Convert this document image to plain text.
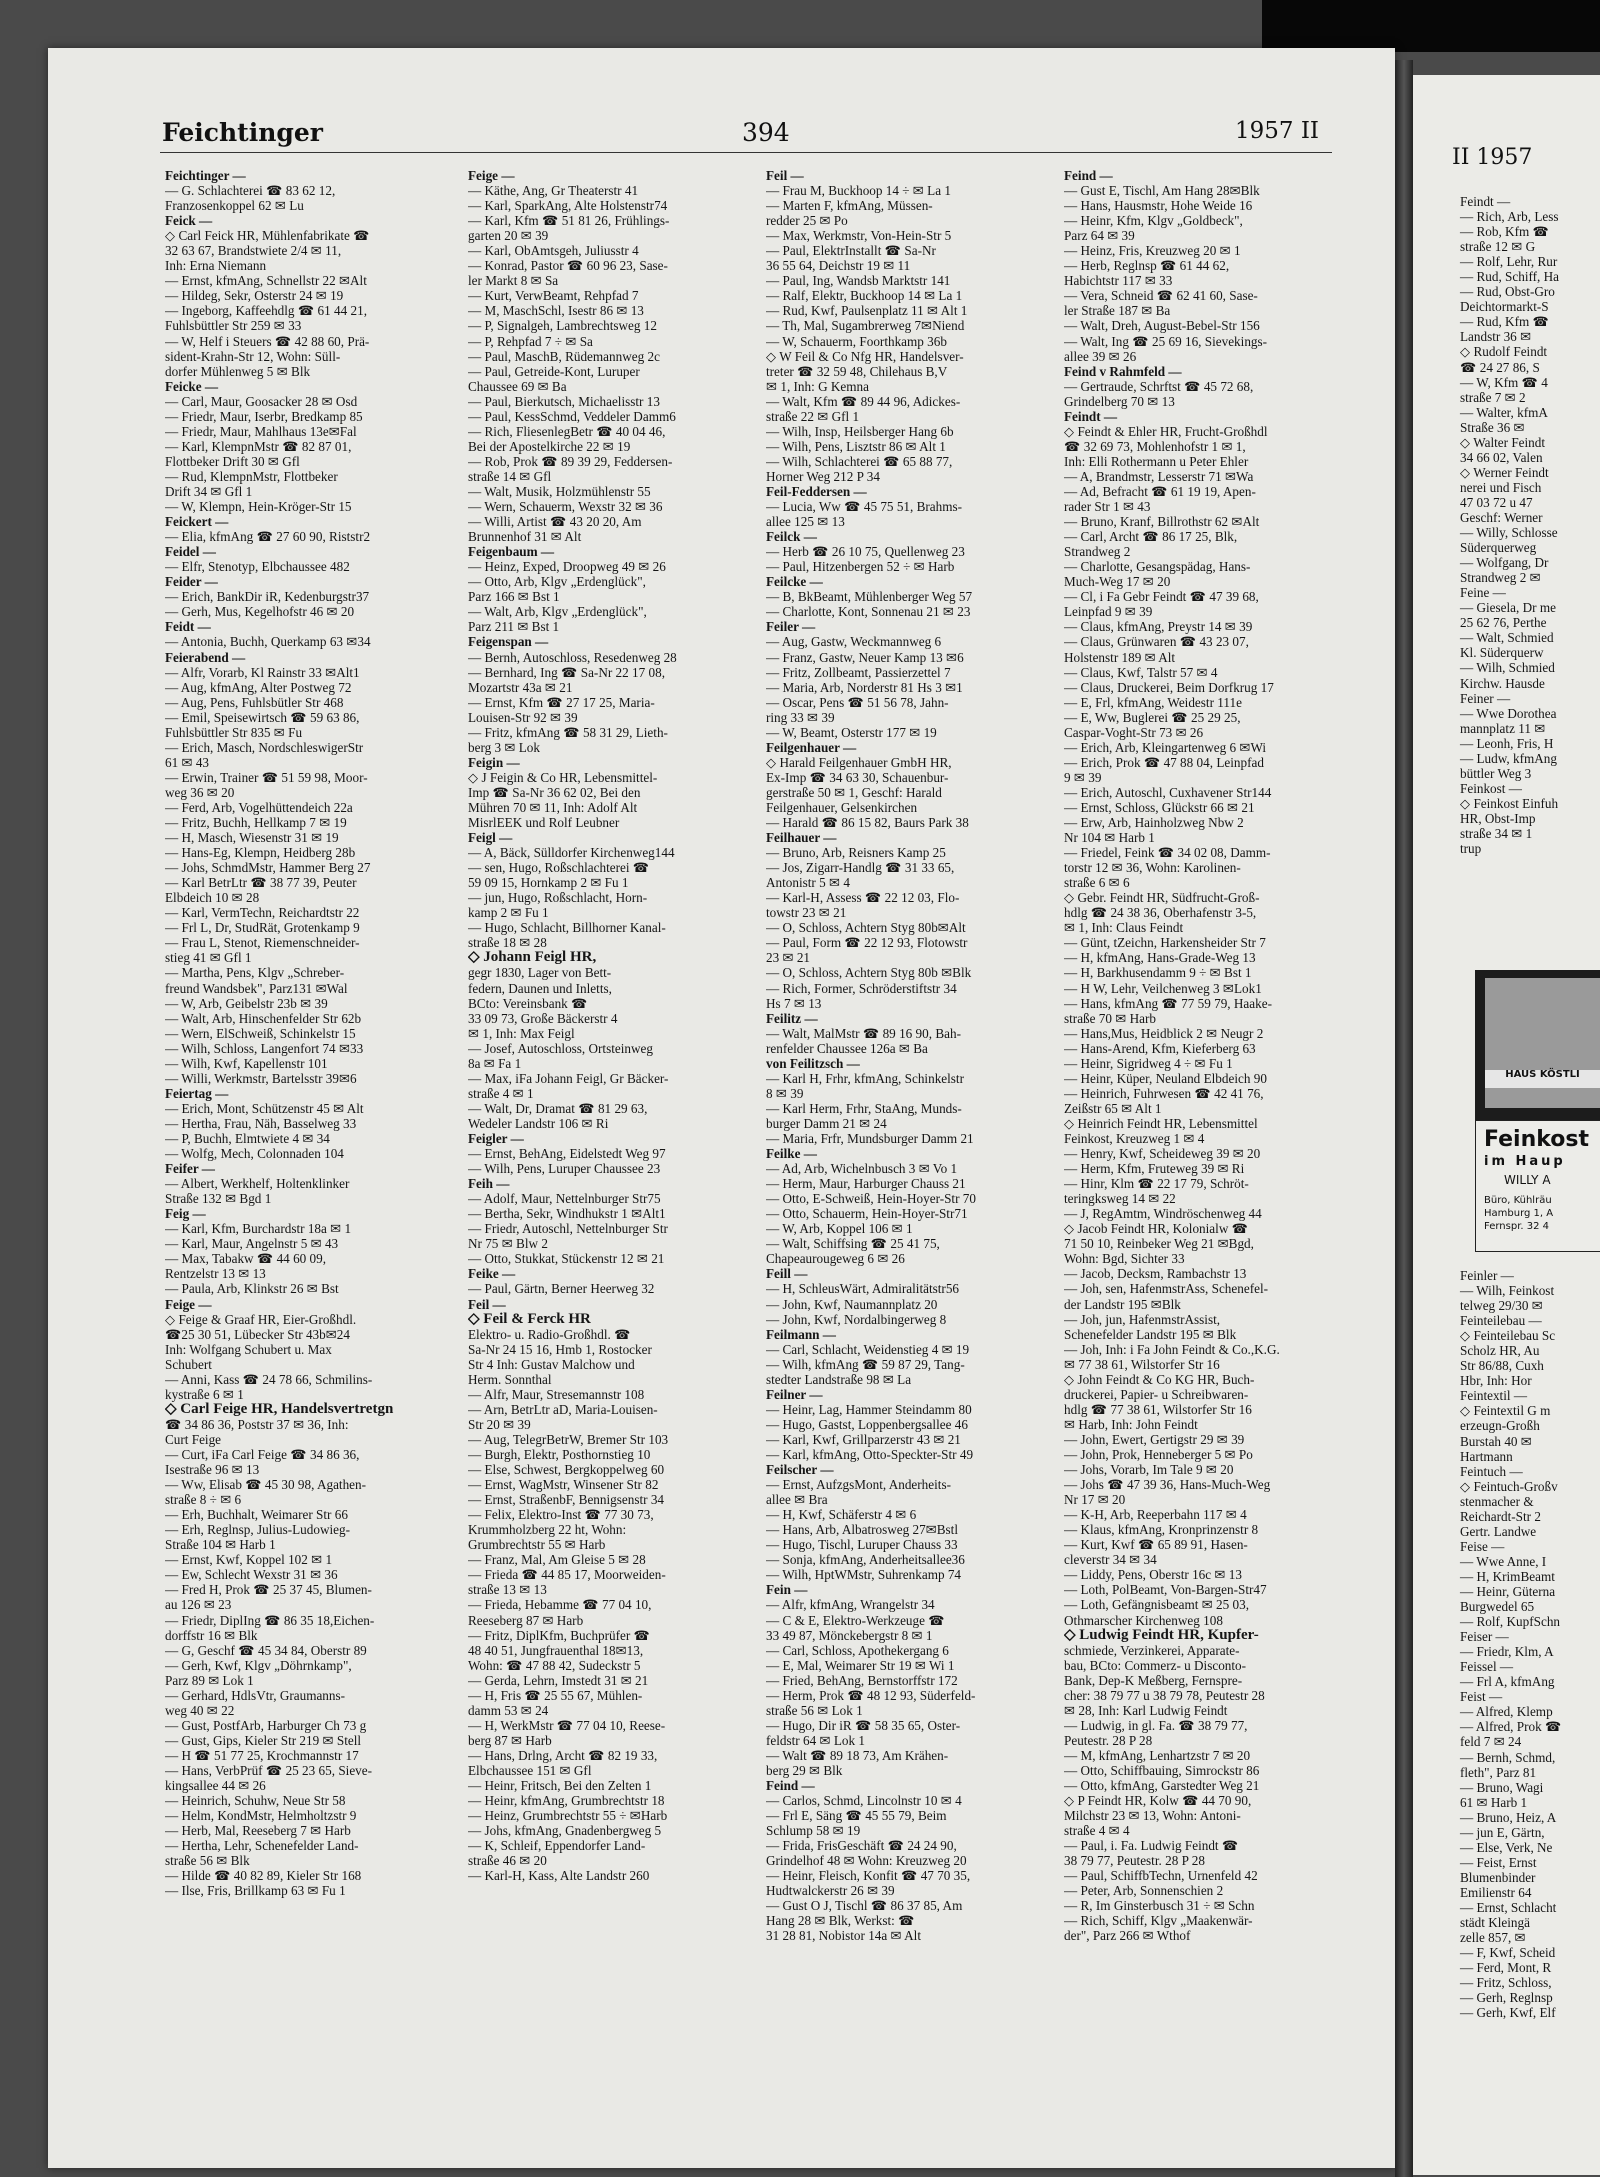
Feichtinger	394	1957 II
Feichtinger —
— G. Schlachterei ☎ 83 62 12,
Franzosenkoppel 62 ✉ Lu
Feick —
◇ Carl Feick HR, Mühlenfabrikate ☎
32 63 67, Brandstwiete 2/4 ✉ 11,
Inh: Erna Niemann
— Ernst, kfmAng, Schnellstr 22 ✉Alt
— Hildeg, Sekr, Osterstr 24 ✉ 19
— Ingeborg, Kaffeehdlg ☎ 61 44 21,
Fuhlsbüttler Str 259 ✉ 33
— W, Helf i Steuers ☎ 42 88 60, Prä-
sident-Krahn-Str 12, Wohn: Süll-
dorfer Mühlenweg 5 ✉ Blk
Feicke —
— Carl, Maur, Goosacker 28 ✉ Osd
— Friedr, Maur, Iserbr, Bredkamp 85
— Friedr, Maur, Mahlhaus 13e✉Fal
— Karl, KlempnMstr ☎ 82 87 01,
Flottbeker Drift 30 ✉ Gfl
— Rud, KlempnMstr, Flottbeker
Drift 34 ✉ Gfl 1
— W, Klempn, Hein-Kröger-Str 15
Feickert —
— Elia, kfmAng ☎ 27 60 90, Riststr2
Feidel —
— Elfr, Stenotyp, Elbchaussee 482
Feider —
— Erich, BankDir iR, Kedenburgstr37
— Gerh, Mus, Kegelhofstr 46 ✉ 20
Feidt —
— Antonia, Buchh, Querkamp 63 ✉34
Feierabend —
— Alfr, Vorarb, Kl Rainstr 33 ✉Alt1
— Aug, kfmAng, Alter Postweg 72
— Aug, Pens, Fuhlsbütler Str 468
— Emil, Speisewirtsch ☎ 59 63 86,
Fuhlsbüttler Str 835 ✉ Fu
— Erich, Masch, NordschleswigerStr
61 ✉ 43
— Erwin, Trainer ☎ 51 59 98, Moor-
weg 36 ✉ 20
— Ferd, Arb, Vogelhüttendeich 22a
— Fritz, Buchh, Hellkamp 7 ✉ 19
— H, Masch, Wiesenstr 31 ✉ 19
— Hans-Eg, Klempn, Heidberg 28b
— Johs, SchmdMstr, Hammer Berg 27
— Karl BetrLtr ☎ 38 77 39, Peuter
Elbdeich 10 ✉ 28
— Karl, VermTechn, Reichardtstr 22
— Frl L, Dr, StudRät, Grotenkamp 9
— Frau L, Stenot, Riemenschneider-
stieg 41 ✉ Gfl 1
— Martha, Pens, Klgv „Schreber-
freund Wandsbek", Parz131 ✉Wal
— W, Arb, Geibelstr 23b ✉ 39
— Walt, Arb, Hinschenfelder Str 62b
— Wern, ElSchweiß, Schinkelstr 15
— Wilh, Schloss, Langenfort 74 ✉33
— Wilh, Kwf, Kapellenstr 101
— Willi, Werkmstr, Bartelsstr 39✉6
Feiertag —
— Erich, Mont, Schützenstr 45 ✉ Alt
— Hertha, Frau, Näh, Basselweg 33
— P, Buchh, Elmtwiete 4 ✉ 34
— Wolfg, Mech, Colonnaden 104
Feifer —
— Albert, Werkhelf, Holtenklinker
Straße 132 ✉ Bgd 1
Feig —
— Karl, Kfm, Burchardstr 18a ✉ 1
— Karl, Maur, Angelnstr 5 ✉ 43
— Max, Tabakw ☎ 44 60 09,
Rentzelstr 13 ✉ 13
— Paula, Arb, Klinkstr 26 ✉ Bst
Feige —
◇ Feige & Graaf HR, Eier-Großhdl.
☎25 30 51, Lübecker Str 43b✉24
Inh: Wolfgang Schubert u. Max
Schubert
— Anni, Kass ☎ 24 78 66, Schmilins-
kystraße 6 ✉ 1
◇ Carl Feige HR, Handelsvertretgn
☎ 34 86 36, Poststr 37 ✉ 36, Inh:
Curt Feige
— Curt, iFa Carl Feige ☎ 34 86 36,
Isestraße 96 ✉ 13
— Ww, Elisab ☎ 45 30 98, Agathen-
straße 8 ÷ ✉ 6
— Erh, Buchhalt, Weimarer Str 66
— Erh, Reglnsp, Julius-Ludowieg-
Straße 104 ✉ Harb 1
— Ernst, Kwf, Koppel 102 ✉ 1
— Ew, Schlecht Wexstr 31 ✉ 36
— Fred H, Prok ☎ 25 37 45, Blumen-
au 126 ✉ 23
— Friedr, DiplIng ☎ 86 35 18,Eichen-
dorffstr 16 ✉ Blk
— G, Geschf ☎ 45 34 84, Oberstr 89
— Gerh, Kwf, Klgv „Döhrnkamp",
Parz 89 ✉ Lok 1
— Gerhard, HdlsVtr, Graumanns-
weg 40 ✉ 22
— Gust, PostfArb, Harburger Ch 73 g
— Gust, Gips, Kieler Str 219 ✉ Stell
— H ☎ 51 77 25, Krochmannstr 17
— Hans, VerbPrüf ☎ 25 23 65, Sieve-
kingsallee 44 ✉ 26
— Heinrich, Schuhw, Neue Str 58
— Helm, KondMstr, Helmholtzstr 9
— Herb, Mal, Reeseberg 7 ✉ Harb
— Hertha, Lehr, Schenefelder Land-
straße 56 ✉ Blk
— Hilde ☎ 40 82 89, Kieler Str 168
— Ilse, Fris, Brillkamp 63 ✉ Fu 1
Feige —
— Käthe, Ang, Gr Theaterstr 41
— Karl, SparkAng, Alte Holstenstr74
— Karl, Kfm ☎ 51 81 26, Frühlings-
garten 20 ✉ 39
— Karl, ObAmtsgeh, Juliusstr 4
— Konrad, Pastor ☎ 60 96 23, Sase-
ler Markt 8 ✉ Sa
— Kurt, VerwBeamt, Rehpfad 7
— M, MaschSchl, Isestr 86 ✉ 13
— P, Signalgeh, Lambrechtsweg 12
— P, Rehpfad 7 ÷ ✉ Sa
— Paul, MaschB, Rüdemannweg 2c
— Paul, Getreide-Kont, Luruper
Chaussee 69 ✉ Ba
— Paul, Bierkutsch, Michaelisstr 13
— Paul, KessSchmd, Veddeler Damm6
— Rich, FliesenlegBetr ☎ 40 04 46,
Bei der Apostelkirche 22 ✉ 19
— Rob, Prok ☎ 89 39 29, Feddersen-
straße 14 ✉ Gfl
— Walt, Musik, Holzmühlenstr 55
— Wern, Schauerm, Wexstr 32 ✉ 36
— Willi, Artist ☎ 43 20 20, Am
Brunnenhof 31 ✉ Alt
Feigenbaum —
— Heinz, Exped, Droopweg 49 ✉ 26
— Otto, Arb, Klgv „Erdenglück",
Parz 166 ✉ Bst 1
— Walt, Arb, Klgv „Erdenglück",
Parz 211 ✉ Bst 1
Feigenspan —
— Bernh, Autoschloss, Resedenweg 28
— Bernhard, Ing ☎ Sa-Nr 22 17 08,
Mozartstr 43a ✉ 21
— Ernst, Kfm ☎ 27 17 25, Maria-
Louisen-Str 92 ✉ 39
— Fritz, kfmAng ☎ 58 31 29, Lieth-
berg 3 ✉ Lok
Feigin —
◇ J Feigin & Co HR, Lebensmittel-
Imp ☎ Sa-Nr 36 62 02, Bei den
Mühren 70 ✉ 11, Inh: Adolf Alt
MisrlEEK und Rolf Leubner
Feigl —
— A, Bäck, Sülldorfer Kirchenweg144
— sen, Hugo, Roßschlachterei ☎
59 09 15, Hornkamp 2 ✉ Fu 1
— jun, Hugo, Roßschlacht, Horn-
kamp 2 ✉ Fu 1
— Hugo, Schlacht, Billhorner Kanal-
straße 18 ✉ 28
◇ Johann Feigl HR,
gegr 1830, Lager von Bett-
federn, Daunen und Inletts,
BCto: Vereinsbank ☎
33 09 73, Große Bäckerstr 4
✉ 1, Inh: Max Feigl
— Josef, Autoschloss, Ortsteinweg
8a ✉ Fa 1
— Max, iFa Johann Feigl, Gr Bäcker-
straße 4 ✉ 1
— Walt, Dr, Dramat ☎ 81 29 63,
Wedeler Landstr 106 ✉ Ri
Feigler —
— Ernst, BehAng, Eidelstedt Weg 97
— Wilh, Pens, Luruper Chaussee 23
Feih —
— Adolf, Maur, Nettelnburger Str75
— Bertha, Sekr, Windhukstr 1 ✉Alt1
— Friedr, Autoschl, Nettelnburger Str
Nr 75 ✉ Blw 2
— Otto, Stukkat, Stückenstr 12 ✉ 21
Feike —
— Paul, Gärtn, Berner Heerweg 32
Feil —
◇ Feil & Ferck HR
Elektro- u. Radio-Großhdl. ☎
Sa-Nr 24 15 16, Hmb 1, Rostocker
Str 4 Inh: Gustav Malchow und
Herm. Sonnthal
— Alfr, Maur, Stresemannstr 108
— Arn, BetrLtr aD, Maria-Louisen-
Str 20 ✉ 39
— Aug, TelegrBetrW, Bremer Str 103
— Burgh, Elektr, Posthornstieg 10
— Else, Schwest, Bergkoppelweg 60
— Ernst, WagMstr, Winsener Str 82
— Ernst, StraßenbF, Bennigsenstr 34
— Felix, Elektro-Inst ☎ 77 30 73,
Krummholzberg 22 ht, Wohn:
Grumbrechtstr 55 ✉ Harb
— Franz, Mal, Am Gleise 5 ✉ 28
— Frieda ☎ 44 85 17, Moorweiden-
straße 13 ✉ 13
— Frieda, Hebamme ☎ 77 04 10,
Reeseberg 87 ✉ Harb
— Fritz, DiplKfm, Buchprüfer ☎
48 40 51, Jungfrauenthal 18✉13,
Wohn: ☎ 47 88 42, Sudeckstr 5
— Gerda, Lehrn, Imstedt 31 ✉ 21
— H, Fris ☎ 25 55 67, Mühlen-
damm 53 ✉ 24
— H, WerkMstr ☎ 77 04 10, Reese-
berg 87 ✉ Harb
— Hans, Drlng, Archt ☎ 82 19 33,
Elbchaussee 151 ✉ Gfl
— Heinr, Fritsch, Bei den Zelten 1
— Heinr, kfmAng, Grumbrechtstr 18
— Heinz, Grumbrechtstr 55 ÷ ✉Harb
— Johs, kfmAng, Gnadenbergweg 5
— K, Schleif, Eppendorfer Land-
straße 46 ✉ 20
— Karl-H, Kass, Alte Landstr 260
Feil —
— Frau M, Buckhoop 14 ÷ ✉ La 1
— Marten F, kfmAng, Müssen-
redder 25 ✉ Po
— Max, Werkmstr, Von-Hein-Str 5
— Paul, ElektrInstallt ☎ Sa-Nr
36 55 64, Deichstr 19 ✉ 11
— Paul, Ing, Wandsb Marktstr 141
— Ralf, Elektr, Buckhoop 14 ✉ La 1
— Rud, Kwf, Paulsenplatz 11 ✉ Alt 1
— Th, Mal, Sugambrerweg 7✉Niend
— W, Schauerm, Foorthkamp 36b
◇ W Feil & Co Nfg HR, Handelsver-
treter ☎ 32 59 48, Chilehaus B,V
✉ 1, Inh: G Kemna
— Walt, Kfm ☎ 89 44 96, Adickes-
straße 22 ✉ Gfl 1
— Wilh, Insp, Heilsberger Hang 6b
— Wilh, Pens, Lisztstr 86 ✉ Alt 1
— Wilh, Schlachterei ☎ 65 88 77,
Horner Weg 212 P 34
Feil-Feddersen —
— Lucia, Ww ☎ 45 75 51, Brahms-
allee 125 ✉ 13
Feilck —
— Herb ☎ 26 10 75, Quellenweg 23
— Paul, Hitzenbergen 52 ÷ ✉ Harb
Feilcke —
— B, BkBeamt, Mühlenberger Weg 57
— Charlotte, Kont, Sonnenau 21 ✉ 23
Feiler —
— Aug, Gastw, Weckmannweg 6
— Franz, Gastw, Neuer Kamp 13 ✉6
— Fritz, Zollbeamt, Passierzettel 7
— Maria, Arb, Norderstr 81 Hs 3 ✉1
— Oscar, Pens ☎ 51 56 78, Jahn-
ring 33 ✉ 39
— W, Beamt, Osterstr 177 ✉ 19
Feilgenhauer —
◇ Harald Feilgenhauer GmbH HR,
Ex-Imp ☎ 34 63 30, Schauenbur-
gerstraße 50 ✉ 1, Geschf: Harald
Feilgenhauer, Gelsenkirchen
— Harald ☎ 86 15 82, Baurs Park 38
Feilhauer —
— Bruno, Arb, Reisners Kamp 25
— Jos, Zigarr-Handlg ☎ 31 33 65,
Antonistr 5 ✉ 4
— Karl-H, Assess ☎ 22 12 03, Flo-
towstr 23 ✉ 21
— O, Schloss, Achtern Styg 80b✉Alt
— Paul, Form ☎ 22 12 93, Flotowstr
23 ✉ 21
— O, Schloss, Achtern Styg 80b ✉Blk
— Rich, Former, Schröderstiftstr 34
Hs 7 ✉ 13
Feilitz —
— Walt, MalMstr ☎ 89 16 90, Bah-
renfelder Chaussee 126a ✉ Ba
von Feilitzsch —
— Karl H, Frhr, kfmAng, Schinkelstr
8 ✉ 39
— Karl Herm, Frhr, StaAng, Munds-
burger Damm 21 ✉ 24
— Maria, Frfr, Mundsburger Damm 21
Feilke —
— Ad, Arb, Wichelnbusch 3 ✉ Vo 1
— Herm, Maur, Harburger Chauss 21
— Otto, E-Schweiß, Hein-Hoyer-Str 70
— Otto, Schauerm, Hein-Hoyer-Str71
— W, Arb, Koppel 106 ✉ 1
— Walt, Schiffsing ☎ 25 41 75,
Chapeaurougeweg 6 ✉ 26
Feill —
— H, SchleusWärt, Admiralitätstr56
— John, Kwf, Naumannplatz 20
— John, Kwf, Nordalbingerweg 8
Feilmann —
— Carl, Schlacht, Weidenstieg 4 ✉ 19
— Wilh, kfmAng ☎ 59 87 29, Tang-
stedter Landstraße 98 ✉ La
Feilner —
— Heinr, Lag, Hammer Steindamm 80
— Hugo, Gastst, Loppenbergsallee 46
— Karl, Kwf, Grillparzerstr 43 ✉ 21
— Karl, kfmAng, Otto-Speckter-Str 49
Feilscher —
— Ernst, AufzgsMont, Anderheits-
allee ✉ Bra
— H, Kwf, Schäferstr 4 ✉ 6
— Hans, Arb, Albatrosweg 27✉Bstl
— Hugo, Tischl, Luruper Chauss 33
— Sonja, kfmAng, Anderheitsallee36
— Wilh, HptWMstr, Suhrenkamp 74
Fein —
— Alfr, kfmAng, Wrangelstr 34
— C & E, Elektro-Werkzeuge ☎
33 49 87, Mönckebergstr 8 ✉ 1
— Carl, Schloss, Apothekergang 6
— E, Mal, Weimarer Str 19 ✉ Wi 1
— Fried, BehAng, Bernstorffstr 172
— Herm, Prok ☎ 48 12 93, Süderfeld-
straße 56 ✉ Lok 1
— Hugo, Dir iR ☎ 58 35 65, Oster-
feldstr 64 ✉ Lok 1
— Walt ☎ 89 18 73, Am Krähen-
berg 29 ✉ Blk
Feind —
— Carlos, Schmd, Lincolnstr 10 ✉ 4
— Frl E, Säng ☎ 45 55 79, Beim
Schlump 58 ✉ 19
— Frida, FrisGeschäft ☎ 24 24 90,
Grindelhof 48 ✉ Wohn: Kreuzweg 20
— Heinr, Fleisch, Konfit ☎ 47 70 35,
Hudtwalckerstr 26 ✉ 39
— Gust O J, Tischl ☎ 86 37 85, Am
Hang 28 ✉ Blk, Werkst: ☎
31 28 81, Nobistor 14a ✉ Alt
Feind —
— Gust E, Tischl, Am Hang 28✉Blk
— Hans, Hausmstr, Hohe Weide 16
— Heinr, Kfm, Klgv „Goldbeck",
Parz 64 ✉ 39
— Heinz, Fris, Kreuzweg 20 ✉ 1
— Herb, Reglnsp ☎ 61 44 62,
Habichtstr 117 ✉ 33
— Vera, Schneid ☎ 62 41 60, Sase-
ler Straße 187 ✉ Ba
— Walt, Dreh, August-Bebel-Str 156
— Walt, Ing ☎ 25 69 16, Sievekings-
allee 39 ✉ 26
Feind v Rahmfeld —
— Gertraude, Schrftst ☎ 45 72 68,
Grindelberg 70 ✉ 13
Feindt —
◇ Feindt & Ehler HR, Frucht-Großhdl
☎ 32 69 73, Mohlenhofstr 1 ✉ 1,
Inh: Elli Rothermann u Peter Ehler
— A, Brandmstr, Lesserstr 71 ✉Wa
— Ad, Befracht ☎ 61 19 19, Apen-
rader Str 1 ✉ 43
— Bruno, Kranf, Billrothstr 62 ✉Alt
— Carl, Archt ☎ 86 17 25, Blk,
Strandweg 2
— Charlotte, Gesangspädag, Hans-
Much-Weg 17 ✉ 20
— Cl, i Fa Gebr Feindt ☎ 47 39 68,
Leinpfad 9 ✉ 39
— Claus, kfmAng, Preystr 14 ✉ 39
— Claus, Grünwaren ☎ 43 23 07,
Holstenstr 189 ✉ Alt
— Claus, Kwf, Talstr 57 ✉ 4
— Claus, Druckerei, Beim Dorfkrug 17
— E, Frl, kfmAng, Weidestr 111e
— E, Ww, Buglerei ☎ 25 29 25,
Caspar-Voght-Str 73 ✉ 26
— Erich, Arb, Kleingartenweg 6 ✉Wi
— Erich, Prok ☎ 47 88 04, Leinpfad
9 ✉ 39
— Erich, Autoschl, Cuxhavener Str144
— Ernst, Schloss, Glückstr 66 ✉ 21
— Erw, Arb, Hainholzweg Nbw 2
Nr 104 ✉ Harb 1
— Friedel, Feink ☎ 34 02 08, Damm-
torstr 12 ✉ 36, Wohn: Karolinen-
straße 6 ✉ 6
◇ Gebr. Feindt HR, Südfrucht-Groß-
hdlg ☎ 24 38 36, Oberhafenstr 3-5,
✉ 1, Inh: Claus Feindt
— Günt, tZeichn, Harkensheider Str 7
— H, kfmAng, Hans-Grade-Weg 13
— H, Barkhusendamm 9 ÷ ✉ Bst 1
— H W, Lehr, Veilchenweg 3 ✉Lok1
— Hans, kfmAng ☎ 77 59 79, Haake-
straße 70 ✉ Harb
— Hans,Mus, Heidblick 2 ✉ Neugr 2
— Hans-Arend, Kfm, Kieferberg 63
— Heinr, Sigridweg 4 ÷ ✉ Fu 1
— Heinr, Küper, Neuland Elbdeich 90
— Heinrich, Fuhrwesen ☎ 42 41 76,
Zeißstr 65 ✉ Alt 1
◇ Heinrich Feindt HR, Lebensmittel
Feinkost, Kreuzweg 1 ✉ 4
— Henry, Kwf, Scheideweg 39 ✉ 20
— Herm, Kfm, Fruteweg 39 ✉ Ri
— Hinr, Klm ☎ 22 17 79, Schröt-
teringksweg 14 ✉ 22
— J, RegAmtm, Windröschenweg 44
◇ Jacob Feindt HR, Kolonialw ☎
71 50 10, Reinbeker Weg 21 ✉Bgd,
Wohn: Bgd, Sichter 33
— Jacob, Decksm, Rambachstr 13
— Joh, sen, HafenmstrAss, Schenefel-
der Landstr 195 ✉Blk
— Joh, jun, HafenmstrAssist,
Schenefelder Landstr 195 ✉ Blk
— Joh, Inh: i Fa John Feindt & Co.,K.G.
✉ 77 38 61, Wilstorfer Str 16
◇ John Feindt & Co KG HR, Buch-
druckerei, Papier- u Schreibwaren-
hdlg ☎ 77 38 61, Wilstorfer Str 16
✉ Harb, Inh: John Feindt
— John, Ewert, Gertigstr 29 ✉ 39
— John, Prok, Henneberger 5 ✉ Po
— Johs, Vorarb, Im Tale 9 ✉ 20
— Johs ☎ 47 39 36, Hans-Much-Weg
Nr 17 ✉ 20
— K-H, Arb, Reeperbahn 117 ✉ 4
— Klaus, kfmAng, Kronprinzenstr 8
— Kurt, Kwf ☎ 65 89 91, Hasen-
cleverstr 34 ✉ 34
— Liddy, Pens, Oberstr 16c ✉ 13
— Loth, PolBeamt, Von-Bargen-Str47
— Loth, Gefängnisbeamt ✉ 25 03,
Othmarscher Kirchenweg 108
◇ Ludwig Feindt HR, Kupfer-
schmiede, Verzinkerei, Apparate-
bau, BCto: Commerz- u Disconto-
Bank, Dep-K Meßberg, Fernspre-
cher: 38 79 77 u 38 79 78, Peutestr 28
✉ 28, Inh: Karl Ludwig Feindt
— Ludwig, in gl. Fa. ☎ 38 79 77,
Peutestr. 28 P 28
— M, kfmAng, Lenhartzstr 7 ✉ 20
— Otto, Schiffbauing, Simrockstr 86
— Otto, kfmAng, Garstedter Weg 21
◇ P Feindt HR, Kolw ☎ 44 70 90,
Milchstr 23 ✉ 13, Wohn: Antoni-
straße 4 ✉ 4
— Paul, i. Fa. Ludwig Feindt ☎
38 79 77, Peutestr. 28 P 28
— Paul, SchiffbTechn, Urnenfeld 42
— Peter, Arb, Sonnenschien 2
— R, Im Ginsterbusch 31 ÷ ✉ Schn
— Rich, Schiff, Klgv „Maakenwär-
der", Parz 266 ✉ Wthof
II 1957
Feindt —
— Rich, Arb, Less
— Rob, Kfm ☎
straße 12 ✉ G
— Rolf, Lehr, Rur
— Rud, Schiff, Ha
— Rud, Obst-Gro
Deichtormarkt-S
— Rud, Kfm ☎
Landstr 36 ✉
◇ Rudolf Feindt
☎ 24 27 86, S
— W, Kfm ☎ 4
straße 7 ✉ 2
— Walter, kfmA
Straße 36 ✉
◇ Walter Feindt
34 66 02, Valen
◇ Werner Feindt
nerei und Fisch
47 03 72 u 47
Geschf: Werner
— Willy, Schlosse
Süderquerweg
— Wolfgang, Dr
Strandweg 2 ✉
Feine —
— Giesela, Dr me
25 62 76, Perthe
— Walt, Schmied
Kl. Süderquerw
— Wilh, Schmied
Kirchw. Hausde
Feiner —
— Wwe Dorothea
mannplatz 11 ✉
— Leonh, Fris, H
— Ludw, kfmAng
büttler Weg 3
Feinkost —
◇ Feinkost Einfuh
HR, Obst-Imp
straße 34 ✉ 1
trup
Feinler —
— Wilh, Feinkost
telweg 29/30 ✉
Feinteilebau —
◇ Feinteilebau Sc
Scholz HR, Au
Str 86/88, Cuxh
Hbr, Inh: Hor
Feintextil —
◇ Feintextil G m
erzeugn-Großh
Burstah 40 ✉
Hartmann
Feintuch —
◇ Feintuch-Großv
stenmacher &
Reichardt-Str 2
Gertr. Landwe
Feise —
— Wwe Anne, I
— H, KrimBeamt
— Heinr, Güterna
Burgwedel 65
— Rolf, KupfSchn
Feiser —
— Friedr, Klm, A
Feissel —
— Frl A, kfmAng
Feist —
— Alfred, Klemp
— Alfred, Prok ☎
feld 7 ✉ 24
— Bernh, Schmd,
fleth", Parz 81
— Bruno, Wagi
61 ✉ Harb 1
— Bruno, Heiz, A
— jun E, Gärtn,
— Else, Verk, Ne
— Feist, Ernst
Blumenbinder
Emilienstr 64
— Ernst, Schlacht
städt Kleingä
zelle 857, ✉
— F, Kwf, Scheid
— Ferd, Mont, R
— Fritz, Schloss,
— Gerh, Reglnsp
— Gerh, Kwf, Elf
HAUS KÖSTLI
Feinkost
im Haup
WILLY A
Büro, Kühlräu
Hamburg 1, A
Fernspr. 32 4
